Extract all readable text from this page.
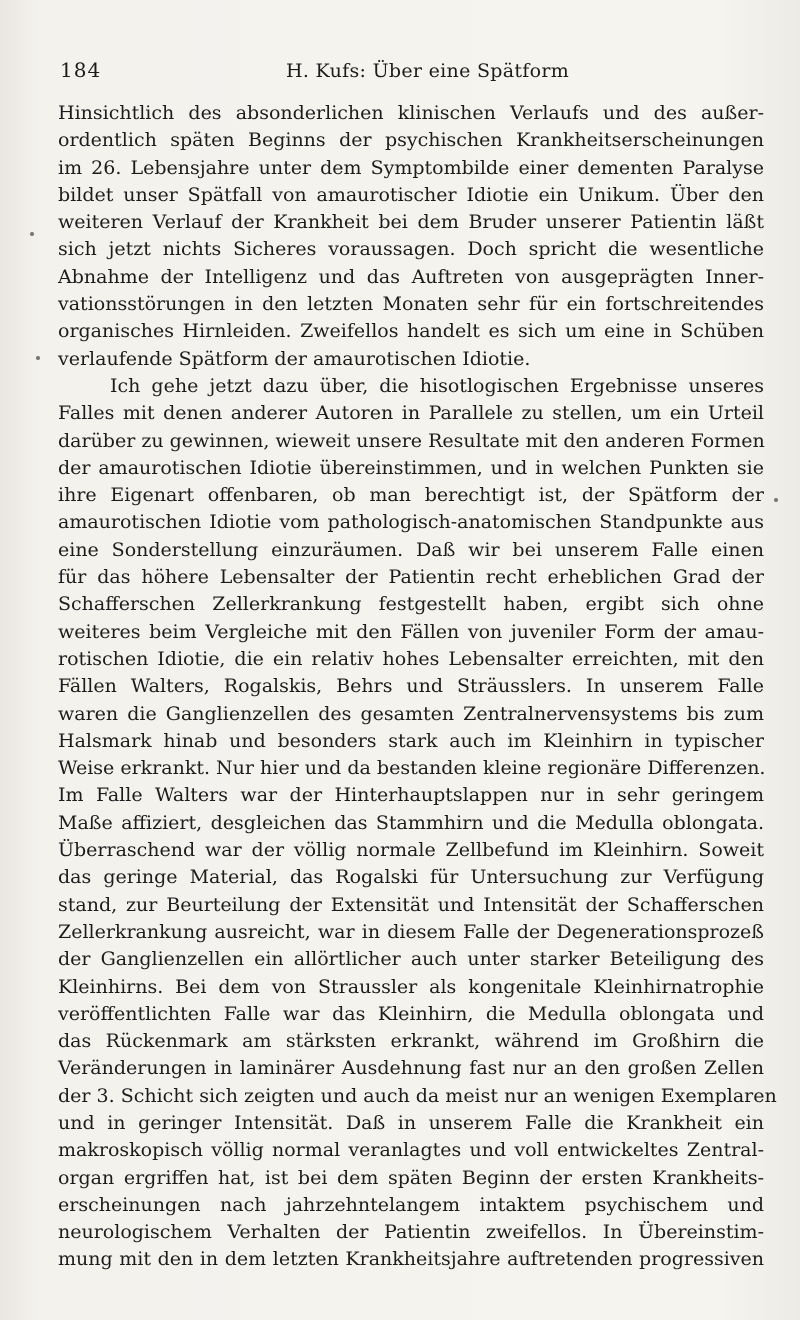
184	H. Kufs: Über eine Spätform
Hinsichtlich des absonderlichen klinischen Verlaufs und des außer-
ordentlich späten Beginns der psychischen Krankheitserscheinungen
im 26. Lebensjahre unter dem Symptombilde einer dementen Paralyse
bildet unser Spätfall von amaurotischer Idiotie ein Unikum. Über den
weiteren Verlauf der Krankheit bei dem Bruder unserer Patientin läßt
sich jetzt nichts Sicheres voraussagen. Doch spricht die wesentliche
Abnahme der Intelligenz und das Auftreten von ausgeprägten Inner-
vationsstörungen in den letzten Monaten sehr für ein fortschreitendes
organisches Hirnleiden. Zweifellos handelt es sich um eine in Schüben
verlaufende Spätform der amaurotischen Idiotie.
Ich gehe jetzt dazu über, die hisotlogischen Ergebnisse unseres
Falles mit denen anderer Autoren in Parallele zu stellen, um ein Urteil
darüber zu gewinnen, wieweit unsere Resultate mit den anderen Formen
der amaurotischen Idiotie übereinstimmen, und in welchen Punkten sie
ihre Eigenart offenbaren, ob man berechtigt ist, der Spätform der
amaurotischen Idiotie vom pathologisch-anatomischen Standpunkte aus
eine Sonderstellung einzuräumen. Daß wir bei unserem Falle einen
für das höhere Lebensalter der Patientin recht erheblichen Grad der
Schafferschen Zellerkrankung festgestellt haben, ergibt sich ohne
weiteres beim Vergleiche mit den Fällen von juveniler Form der amau-
rotischen Idiotie, die ein relativ hohes Lebensalter erreichten, mit den
Fällen Walters, Rogalskis, Behrs und Sträusslers. In unserem Falle
waren die Ganglienzellen des gesamten Zentralnervensystems bis zum
Halsmark hinab und besonders stark auch im Kleinhirn in typischer
Weise erkrankt. Nur hier und da bestanden kleine regionäre Differenzen.
Im Falle Walters war der Hinterhauptslappen nur in sehr geringem
Maße affiziert, desgleichen das Stammhirn und die Medulla oblongata.
Überraschend war der völlig normale Zellbefund im Kleinhirn. Soweit
das geringe Material, das Rogalski für Untersuchung zur Verfügung
stand, zur Beurteilung der Extensität und Intensität der Schafferschen
Zellerkrankung ausreicht, war in diesem Falle der Degenerationsprozeß
der Ganglienzellen ein allörtlicher auch unter starker Beteiligung des
Kleinhirns. Bei dem von Straussler als kongenitale Kleinhirnatrophie
veröffentlichten Falle war das Kleinhirn, die Medulla oblongata und
das Rückenmark am stärksten erkrankt, während im Großhirn die
Veränderungen in laminärer Ausdehnung fast nur an den großen Zellen
der 3. Schicht sich zeigten und auch da meist nur an wenigen Exemplaren
und in geringer Intensität. Daß in unserem Falle die Krankheit ein
makroskopisch völlig normal veranlagtes und voll entwickeltes Zentral-
organ ergriffen hat, ist bei dem späten Beginn der ersten Krankheits-
erscheinungen nach jahrzehntelangem intaktem psychischem und
neurologischem Verhalten der Patientin zweifellos. In Übereinstim-
mung mit den in dem letzten Krankheitsjahre auftretenden progressiven
